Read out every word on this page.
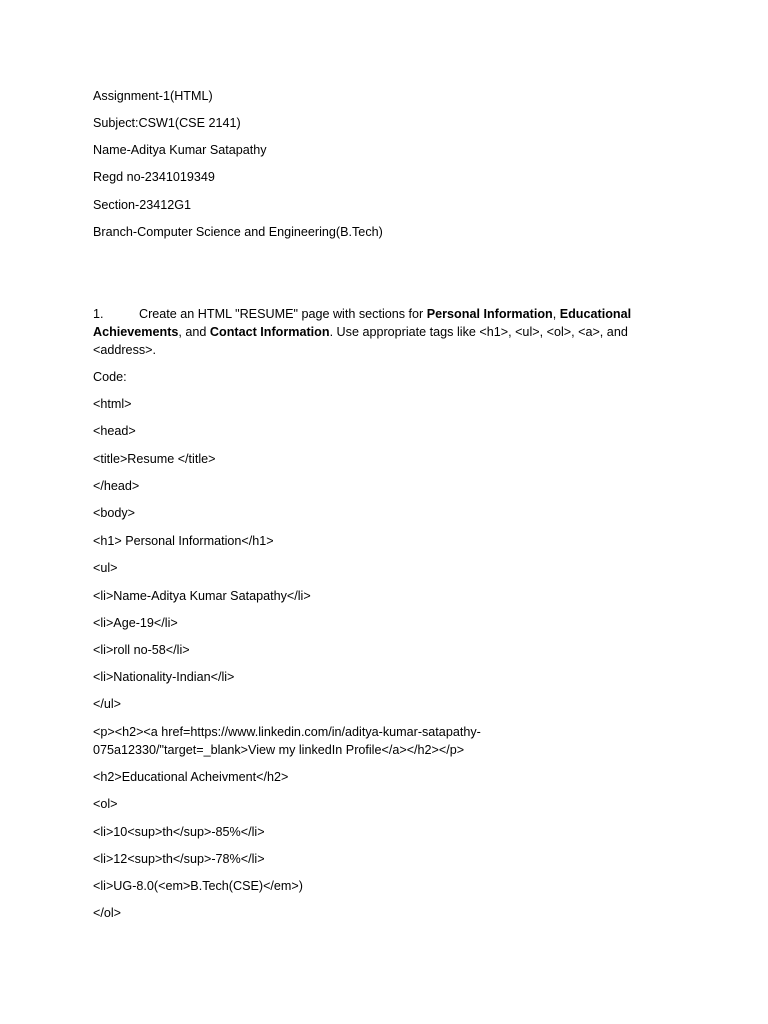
Assignment-1(HTML)

Subject:CSW1(CSE 2141)

Name-Aditya Kumar Satapathy

Regd no-2341019349

Section-23412G1

Branch-Computer Science and Engineering(B.Tech)

1.	Create an HTML "RESUME" page with sections for Personal Information, Educational Achievements, and Contact Information. Use appropriate tags like <h1>, <ul>, <ol>, <a>, and <address>.

Code:

<html>

<head>

<title>Resume </title>

</head>

<body>

<h1> Personal Information</h1>

<ul>

<li>Name-Aditya Kumar Satapathy</li>

<li>Age-19</li>

<li>roll no-58</li>

<li>Nationality-Indian</li>

</ul>

<p><h2><a href=https://www.linkedin.com/in/aditya-kumar-satapathy-075a12330/"target=_blank>View my linkedIn Profile</a></h2></p>

<h2>Educational Acheivment</h2>

<ol>

<li>10<sup>th</sup>-85%</li>

<li>12<sup>th</sup>-78%</li>

<li>UG-8.0(<em>B.Tech(CSE)</em>)

</ol>
